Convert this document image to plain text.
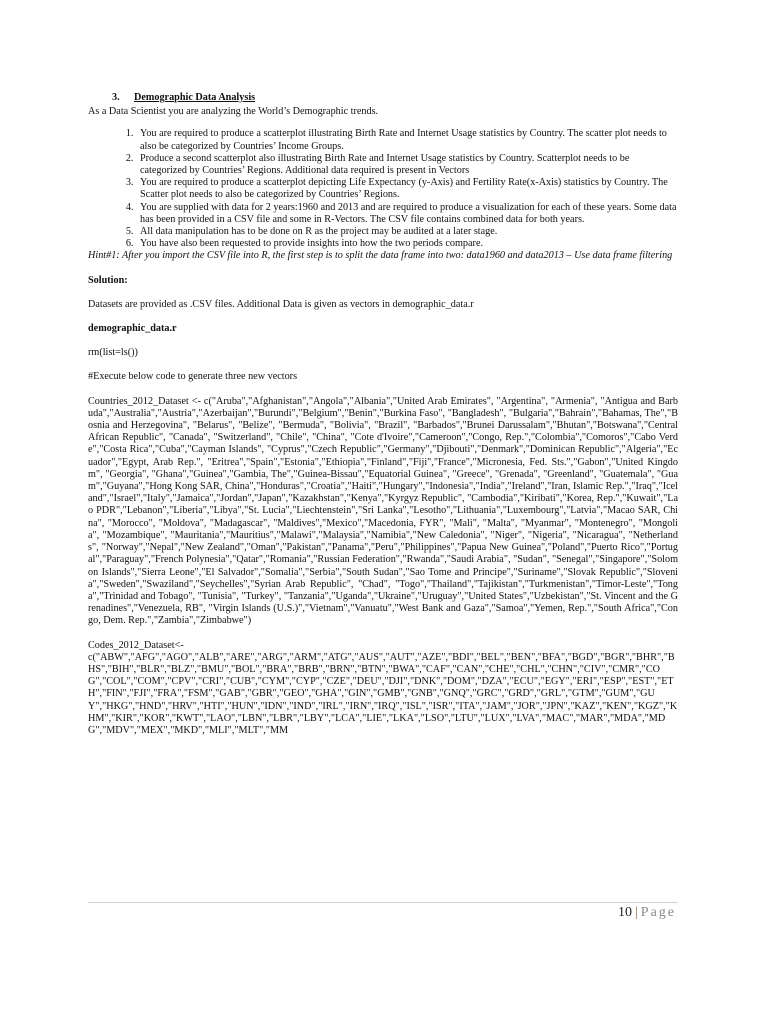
3. Demographic Data Analysis

As a Data Scientist you are analyzing the World’s Demographic trends.

1. You are required to produce a scatterplot illustrating Birth Rate and Internet Usage statistics by Country. The scatter plot needs to also be categorized by Countries’ Income Groups.
2. Produce a second scatterplot also illustrating Birth Rate and Internet Usage statistics by Country. Scatterplot needs to be categorized by Countries’ Regions. Additional data required is present in Vectors
3. You are required to produce a scatterplot depicting Life Expectancy (y-Axis) and Fertility Rate(x-Axis) statistics by Country. The Scatter plot needs to also be categorized by Countries’ Regions.
4. You are supplied with data for 2 years:1960 and 2013 and are required to produce a visualization for each of these years. Some data has been provided in a CSV file and some in R-Vectors. The CSV file contains combined data for both years.
5. All data manipulation has to be done on R as the project may be audited at a later stage.
6. You have also been requested to provide insights into how the two periods compare.

Hint#1: After you import the CSV file into R, the first step is to split the data frame into two: data1960 and data2013 – Use data frame filtering

Solution:

Datasets are provided as .CSV files. Additional Data is given as vectors in demographic_data.r

demographic_data.r

rm(list=ls())

#Execute below code to generate three new vectors

Countries_2012_Dataset <- c("Aruba","Afghanistan","Angola","Albania","United Arab Emirates", "Argentina", "Armenia", "Antigua and Barbuda","Australia","Austria","Azerbaijan","Burundi","Belgium","Benin","Burkina Faso", "Bangladesh", "Bulgaria","Bahrain","Bahamas, The","Bosnia and Herzegovina", "Belarus", "Belize", "Bermuda", "Bolivia", "Brazil", "Barbados","Brunei Darussalam","Bhutan","Botswana","Central African Republic", "Canada", "Switzerland", "Chile", "China", "Cote d'Ivoire","Cameroon","Congo, Rep.","Colombia","Comoros","Cabo Verde","Costa Rica","Cuba","Cayman Islands", "Cyprus","Czech Republic","Germany","Djibouti","Denmark","Dominican Republic","Algeria","Ecuador","Egypt, Arab Rep.", "Eritrea","Spain","Estonia","Ethiopia","Finland","Fiji","France","Micronesia, Fed. Sts.","Gabon","United Kingdom", "Georgia", "Ghana","Guinea","Gambia, The","Guinea-Bissau","Equatorial Guinea", "Greece", "Grenada", "Greenland", "Guatemala", "Guam","Guyana","Hong Kong SAR, China","Honduras","Croatia","Haiti","Hungary","Indonesia","India","Ireland","Iran, Islamic Rep.","Iraq","Iceland","Israel","Italy","Jamaica","Jordan","Japan","Kazakhstan","Kenya","Kyrgyz Republic", "Cambodia","Kiribati","Korea, Rep.","Kuwait","Lao PDR","Lebanon","Liberia","Libya","St. Lucia","Liechtenstein","Sri Lanka","Lesotho","Lithuania","Luxembourg","Latvia","Macao SAR, China", "Morocco", "Moldova", "Madagascar", "Maldives","Mexico","Macedonia, FYR", "Mali", "Malta", "Myanmar", "Montenegro", "Mongolia", "Mozambique", "Mauritania","Mauritius","Malawi","Malaysia","Namibia","New Caledonia", "Niger", "Nigeria", "Nicaragua", "Netherlands", "Norway","Nepal","New Zealand","Oman","Pakistan","Panama","Peru","Philippines","Papua New Guinea","Poland","Puerto Rico","Portugal","Paraguay","French Polynesia","Qatar","Romania","Russian Federation","Rwanda","Saudi Arabia", "Sudan", "Senegal","Singapore","Solomon Islands","Sierra Leone","El Salvador","Somalia","Serbia","South Sudan","Sao Tome and Principe","Suriname","Slovak Republic","Slovenia","Sweden","Swaziland","Seychelles","Syrian Arab Republic", "Chad", "Togo","Thailand","Tajikistan","Turkmenistan","Timor-Leste","Tonga","Trinidad and Tobago", "Tunisia", "Turkey", "Tanzania","Uganda","Ukraine","Uruguay","United States","Uzbekistan","St. Vincent and the Grenadines","Venezuela, RB", "Virgin Islands (U.S.)","Vietnam","Vanuatu","West Bank and Gaza","Samoa","Yemen, Rep.","South Africa","Congo, Dem. Rep.","Zambia","Zimbabwe")

Codes_2012_Dataset<-

c("ABW","AFG","AGO","ALB","ARE","ARG","ARM","ATG","AUS","AUT","AZE","BDI","BEL","BEN","BFA","BGD","BGR","BHR","BHS","BIH","BLR","BLZ","BMU","BOL","BRA","BRB","BRN","BTN","BWA","CAF","CAN","CHE","CHL","CHN","CIV","CMR","COG","COL","COM","CPV","CRI","CUB","CYM","CYP","CZE","DEU","DJI","DNK","DOM","DZA","ECU","EGY","ERI","ESP","EST","ETH","FIN","FJI","FRA","FSM","GAB","GBR","GEO","GHA","GIN","GMB","GNB","GNQ","GRC","GRD","GRL","GTM","GUM","GUY","HKG","HND","HRV","HTI","HUN","IDN","IND","IRL","IRN","IRQ","ISL","ISR","ITA","JAM","JOR","JPN","KAZ","KEN","KGZ","KHM","KIR","KOR","KWT","LAO","LBN","LBR","LBY","LCA","LIE","LKA","LSO","LTU","LUX","LVA","MAC","MAR","MDA","MDG","MDV","MEX","MKD","MLI","MLT","MM

10 | Page
